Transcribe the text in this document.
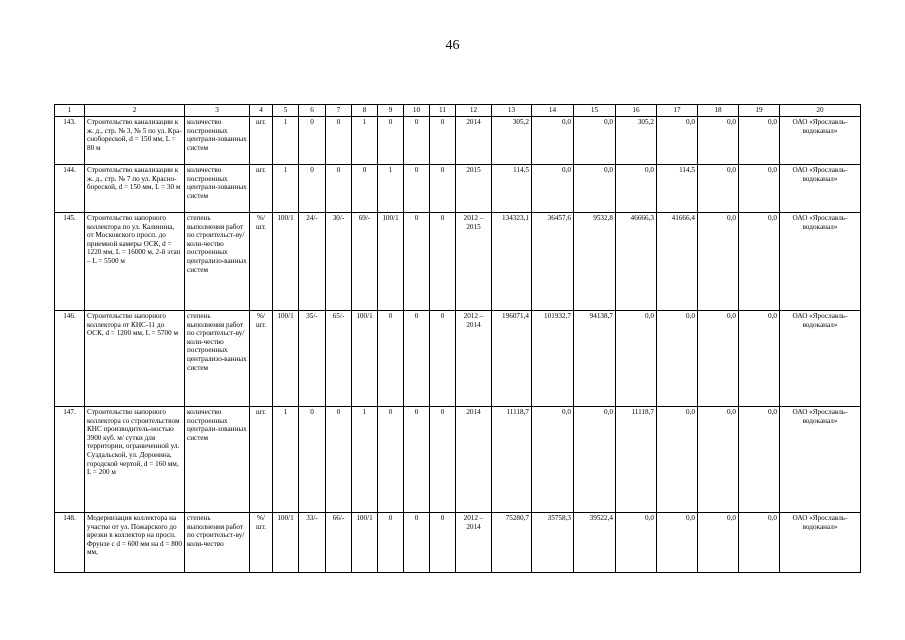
46
1	2	3	4	5	6	7	8	9	10	11	12	13	14	15	16	17	18	19	20
143.	Строительство канализации к ж. д., стр. № 3, № 5 по ул. Кра-снобоpеской, d = 150 мм, L = 80 м	количество построенных централи-зованных систем	шт.	1	0	0	1	0	0	0	2014	305,2	0,0	0,0	305,2	0,0	0,0	0,0	ОАО «Ярославль-водоканал»
144.	Строительство канализации к ж. д., стр. № 7 по ул. Красно-боpеской, d = 150 мм, L = 30 м	количество построенных централи-зованных систем	шт.	1	0	0	0	1	0	0	2015	114,5	0,0	0,0	0,0	114,5	0,0	0,0	ОАО «Ярославль-водоканал»
145.	Строительство напорного коллектора по ул. Калинина, от Московского просп. до приемной камеры ОСК, d = 1220 мм, L = 16000 м, 2-й этап – L = 5500 м	степень выполнения работ по строительст-ву/ коли-чество построенных централизо-ванных систем	%/ шт.	100/1	24/-	30/-	69/-	100/1	0	0	2012 – 2015	134323,1	36457,6	9532,8	46666,3	41666,4	0,0	0,0	ОАО «Ярославль-водоканал»
146.	Строительство напорного коллектора от КНС-11 до ОСК, d = 1200 мм, L = 5700 м	степень выполнения работ по строительст-ву/ коли-чество построенных централизо-ванных систем	%/ шт.	100/1	35/-	65/-	100/1	0	0	0	2012 – 2014	196071,4	101932,7	94138,7	0,0	0,0	0,0	0,0	ОАО «Ярославль-водоканал»
147.	Строительство напорного коллектора со строительством КНС производитель-ностью 3900 куб. м/ сутки для территории, ограниченной ул. Суздальской, ул. Доронина, городской чертой, d = 160 мм, L = 200 м	количество построенных централи-зованных систем	шт.	1	0	0	1	0	0	0	2014	11118,7	0,0	0,0	11118,7	0,0	0,0	0,0	ОАО «Ярославль-водоканал»
148.	Модернизация коллектора на участке от ул. Пожарского до врезки в коллектор на просп. Фрунзе с d = 600 мм на d = 800 мм,	степень выполнения работ по строительст-ву/ коли-чество	%/ шт.	100/1	33/-	66/-	100/1	0	0	0	2012 – 2014	75280,7	35758,3	39522,4	0,0	0,0	0,0	0,0	ОАО «Ярославль-водоканал»
